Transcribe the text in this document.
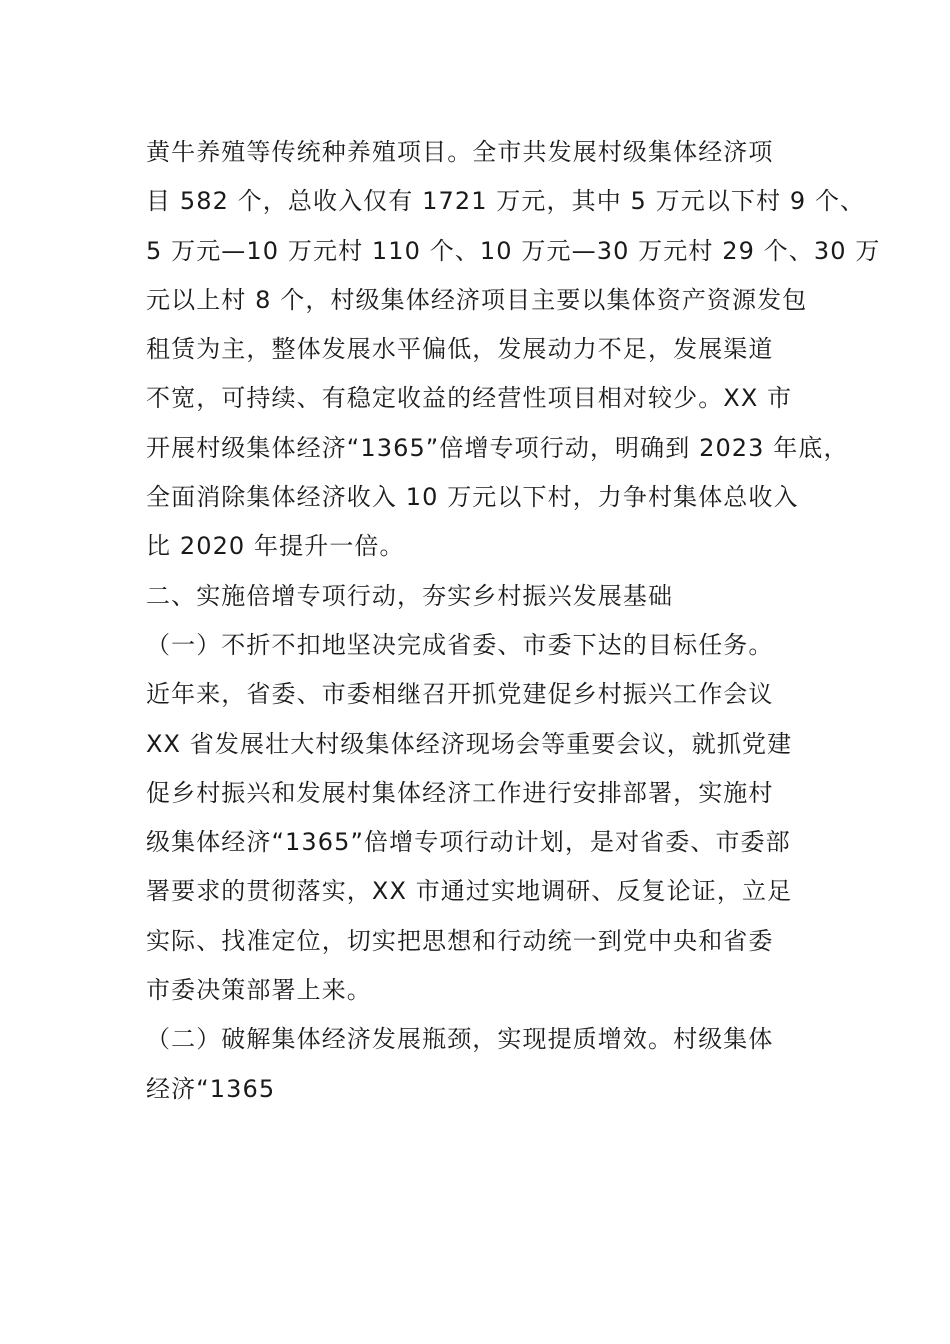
黄牛养殖等传统种养殖项目。全市共发展村级集体经济项
目 582 个，总收入仅有 1721 万元，其中 5 万元以下村 9 个、
5 万元—10 万元村 110 个、10 万元—30 万元村 29 个、30 万
元以上村 8 个，村级集体经济项目主要以集体资产资源发包
租赁为主，整体发展水平偏低，发展动力不足，发展渠道
不宽，可持续、有稳定收益的经营性项目相对较少。XX 市
开展村级集体经济“1365”倍增专项行动，明确到 2023 年底，
全面消除集体经济收入 10 万元以下村，力争村集体总收入
比 2020 年提升一倍。
二、实施倍增专项行动，夯实乡村振兴发展基础
（一）不折不扣地坚决完成省委、市委下达的目标任务。
近年来，省委、市委相继召开抓党建促乡村振兴工作会议
XX 省发展壮大村级集体经济现场会等重要会议，就抓党建
促乡村振兴和发展村集体经济工作进行安排部署，实施村
级集体经济“1365”倍增专项行动计划，是对省委、市委部
署要求的贯彻落实，XX 市通过实地调研、反复论证，立足
实际、找准定位，切实把思想和行动统一到党中央和省委
市委决策部署上来。
（二）破解集体经济发展瓶颈，实现提质增效。村级集体
经济“1365
